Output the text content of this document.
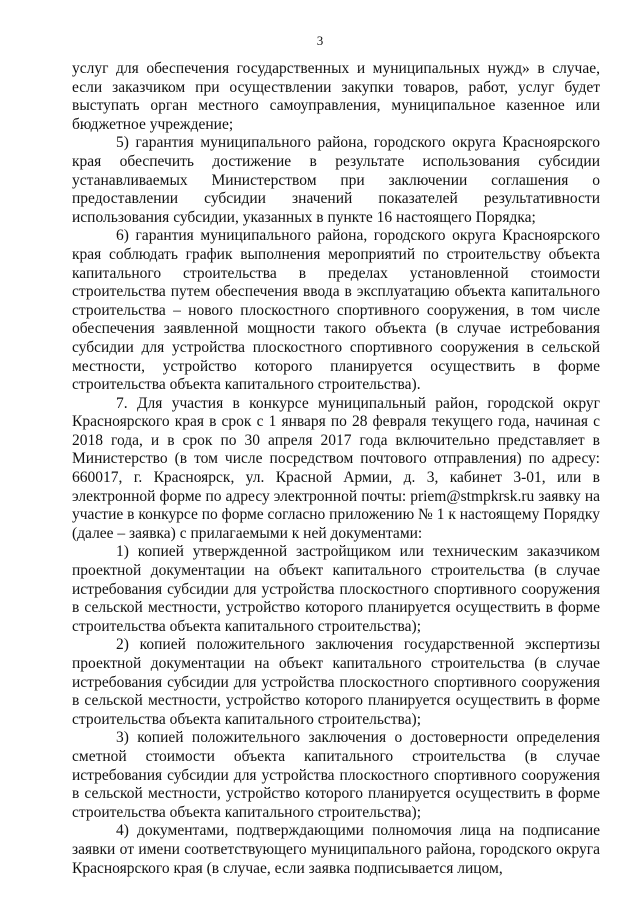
3

услуг для обеспечения государственных и муниципальных нужд» в случае, если заказчиком при осуществлении закупки товаров, работ, услуг будет выступать орган местного самоуправления, муниципальное казенное или бюджетное учреждение;

5) гарантия муниципального района, городского округа Красноярского края обеспечить достижение в результате использования субсидии устанавливаемых Министерством при заключении соглашения о предоставлении субсидии значений показателей результативности использования субсидии, указанных в пункте 16 настоящего Порядка;

6) гарантия муниципального района, городского округа Красноярского края соблюдать график выполнения мероприятий по строительству объекта капитального строительства в пределах установленной стоимости строительства путем обеспечения ввода в эксплуатацию объекта капитального строительства – нового плоскостного спортивного сооружения, в том числе обеспечения заявленной мощности такого объекта (в случае истребования субсидии для устройства плоскостного спортивного сооружения в сельской местности, устройство которого планируется осуществить в форме строительства объекта капитального строительства).

7. Для участия в конкурсе муниципальный район, городской округ Красноярского края в срок с 1 января по 28 февраля текущего года, начиная с 2018 года, и в срок по 30 апреля 2017 года включительно представляет в Министерство (в том числе посредством почтового отправления) по адресу: 660017, г. Красноярск, ул. Красной Армии, д. 3, кабинет 3-01, или в электронной форме по адресу электронной почты: priem@stmpkrsk.ru заявку на участие в конкурсе по форме согласно приложению № 1 к настоящему Порядку (далее – заявка) с прилагаемыми к ней документами:

1) копией утвержденной застройщиком или техническим заказчиком проектной документации на объект капитального строительства (в случае истребования субсидии для устройства плоскостного спортивного сооружения в сельской местности, устройство которого планируется осуществить в форме строительства объекта капитального строительства);

2) копией положительного заключения государственной экспертизы проектной документации на объект капитального строительства (в случае истребования субсидии для устройства плоскостного спортивного сооружения в сельской местности, устройство которого планируется осуществить в форме строительства объекта капитального строительства);

3) копией положительного заключения о достоверности определения сметной стоимости объекта капитального строительства (в случае истребования субсидии для устройства плоскостного спортивного сооружения в сельской местности, устройство которого планируется осуществить в форме строительства объекта капитального строительства);

4) документами, подтверждающими полномочия лица на подписание заявки от имени соответствующего муниципального района, городского округа Красноярского края (в случае, если заявка подписывается лицом,
